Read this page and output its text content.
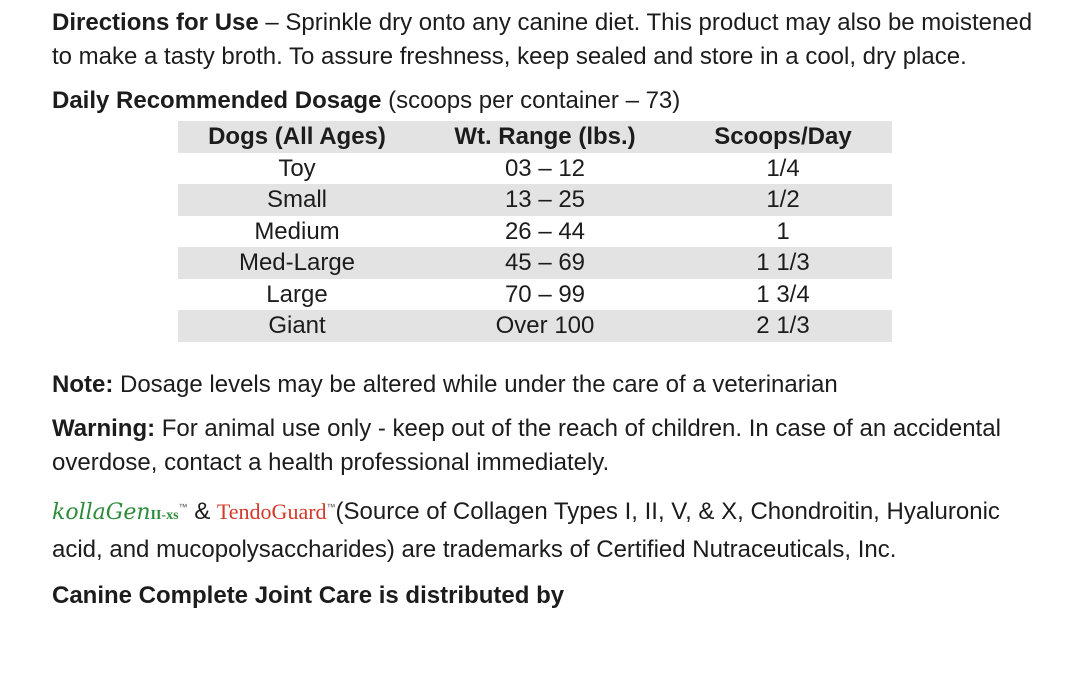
Directions for Use – Sprinkle dry onto any canine diet. This product may also be moistened to make a tasty broth. To assure freshness, keep sealed and store in a cool, dry place.

Daily Recommended Dosage (scoops per container – 73)

Dogs (All Ages)	Wt. Range (lbs.)	Scoops/Day
Toy	03 – 12	1/4
Small	13 – 25	1/2
Medium	26 – 44	1
Med-Large	45 – 69	1 1/3
Large	70 – 99	1 3/4
Giant	Over 100	2 1/3

Note: Dosage levels may be altered while under the care of a veterinarian

Warning: For animal use only - keep out of the reach of children. In case of an accidental overdose, contact a health professional immediately.

kollaGenII-xs™ & TendoGuard™(Source of Collagen Types I, II, V, & X, Chondroitin, Hyaluronic acid, and mucopolysaccharides) are trademarks of Certified Nutraceuticals, Inc.

Canine Complete Joint Care is distributed by
